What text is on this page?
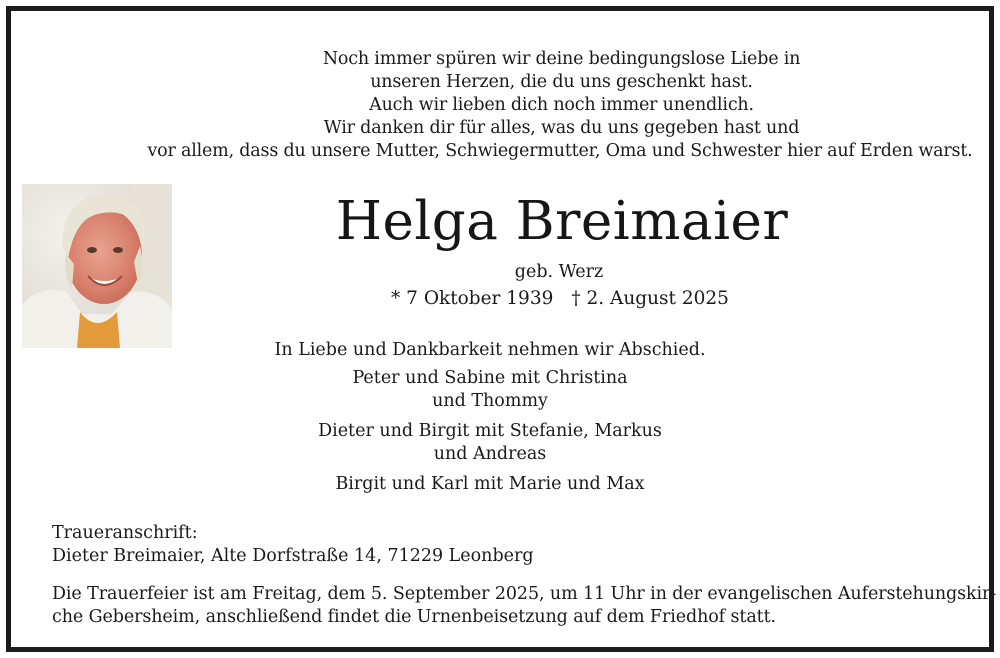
Noch immer spüren wir deine bedingungslose Liebe in
unseren Herzen, die du uns geschenkt hast.
Auch wir lieben dich noch immer unendlich.
Wir danken dir für alles, was du uns gegeben hast und
vor allem, dass du unsere Mutter, Schwiegermutter, Oma und Schwester hier auf Erden warst.
Helga Breimaier
geb. Werz
* 7 Oktober 1939 † 2. August 2025
In Liebe und Dankbarkeit nehmen wir Abschied.
Peter und Sabine mit Christina
und Thommy
Dieter und Birgit mit Stefanie, Markus
und Andreas
Birgit und Karl mit Marie und Max
Traueranschrift:
Dieter Breimaier, Alte Dorfstraße 14, 71229 Leonberg
Die Trauerfeier ist am Freitag, dem 5. September 2025, um 11 Uhr in der evangelischen Auferstehungskir-
che Gebersheim, anschließend findet die Urnenbeisetzung auf dem Friedhof statt.
